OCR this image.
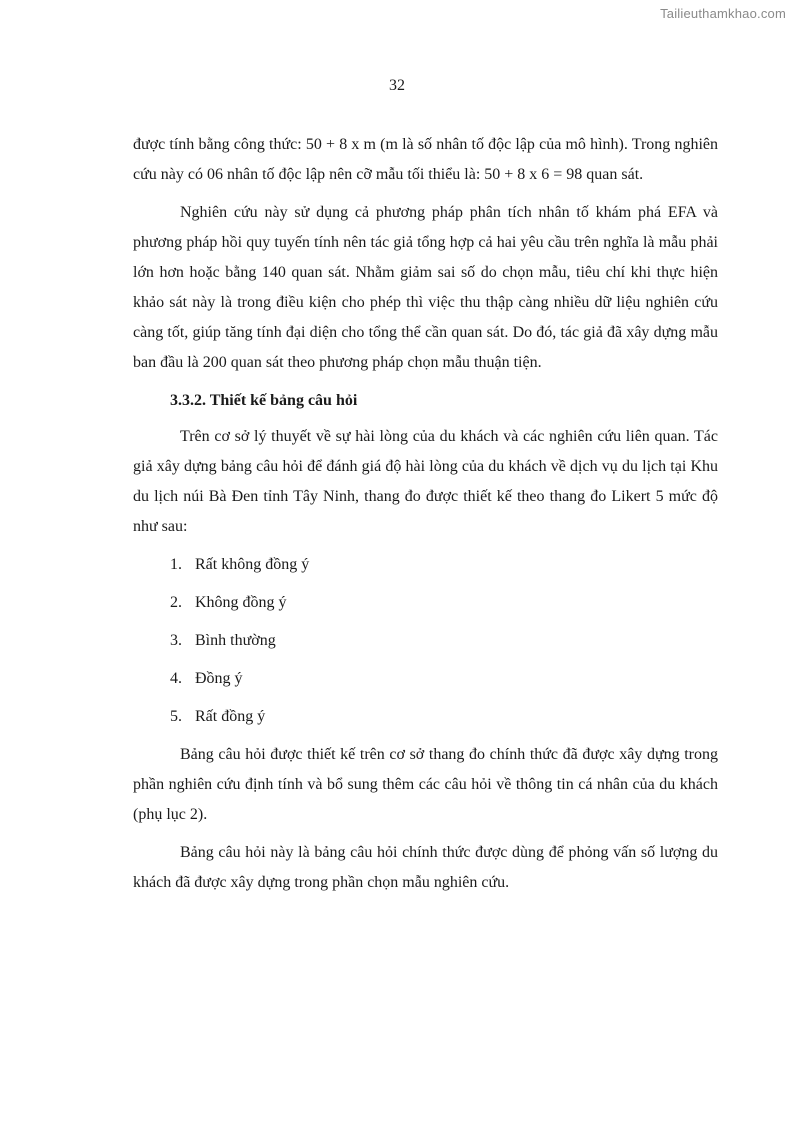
Tailieuthamkhao.com
32

được tính bằng công thức: 50 + 8 x m (m là số nhân tố độc lập của mô hình). Trong nghiên cứu này có 06 nhân tố độc lập nên cỡ mẫu tối thiểu là: 50 + 8 x 6 = 98 quan sát.

Nghiên cứu này sử dụng cả phương pháp phân tích nhân tố khám phá EFA và phương pháp hồi quy tuyến tính nên tác giả tổng hợp cả hai yêu cầu trên nghĩa là mẫu phải lớn hơn hoặc bằng 140 quan sát. Nhằm giảm sai số do chọn mẫu, tiêu chí khi thực hiện khảo sát này là trong điều kiện cho phép thì việc thu thập càng nhiều dữ liệu nghiên cứu càng tốt, giúp tăng tính đại diện cho tổng thể cần quan sát. Do đó, tác giả đã xây dựng mẫu ban đầu là 200 quan sát theo phương pháp chọn mẫu thuận tiện.

3.3.2. Thiết kế bảng câu hỏi

Trên cơ sở lý thuyết về sự hài lòng của du khách và các nghiên cứu liên quan. Tác giả xây dựng bảng câu hỏi để đánh giá độ hài lòng của du khách về dịch vụ du lịch tại Khu du lịch núi Bà Đen tỉnh Tây Ninh, thang đo được thiết kế theo thang đo Likert 5 mức độ như sau:

1. Rất không đồng ý
2. Không đồng ý
3. Bình thường
4. Đồng ý
5. Rất đồng ý

Bảng câu hỏi được thiết kế trên cơ sở thang đo chính thức đã được xây dựng trong phần nghiên cứu định tính và bổ sung thêm các câu hỏi về thông tin cá nhân của du khách (phụ lục 2).

Bảng câu hỏi này là bảng câu hỏi chính thức được dùng để phỏng vấn số lượng du khách đã được xây dựng trong phần chọn mẫu nghiên cứu.
